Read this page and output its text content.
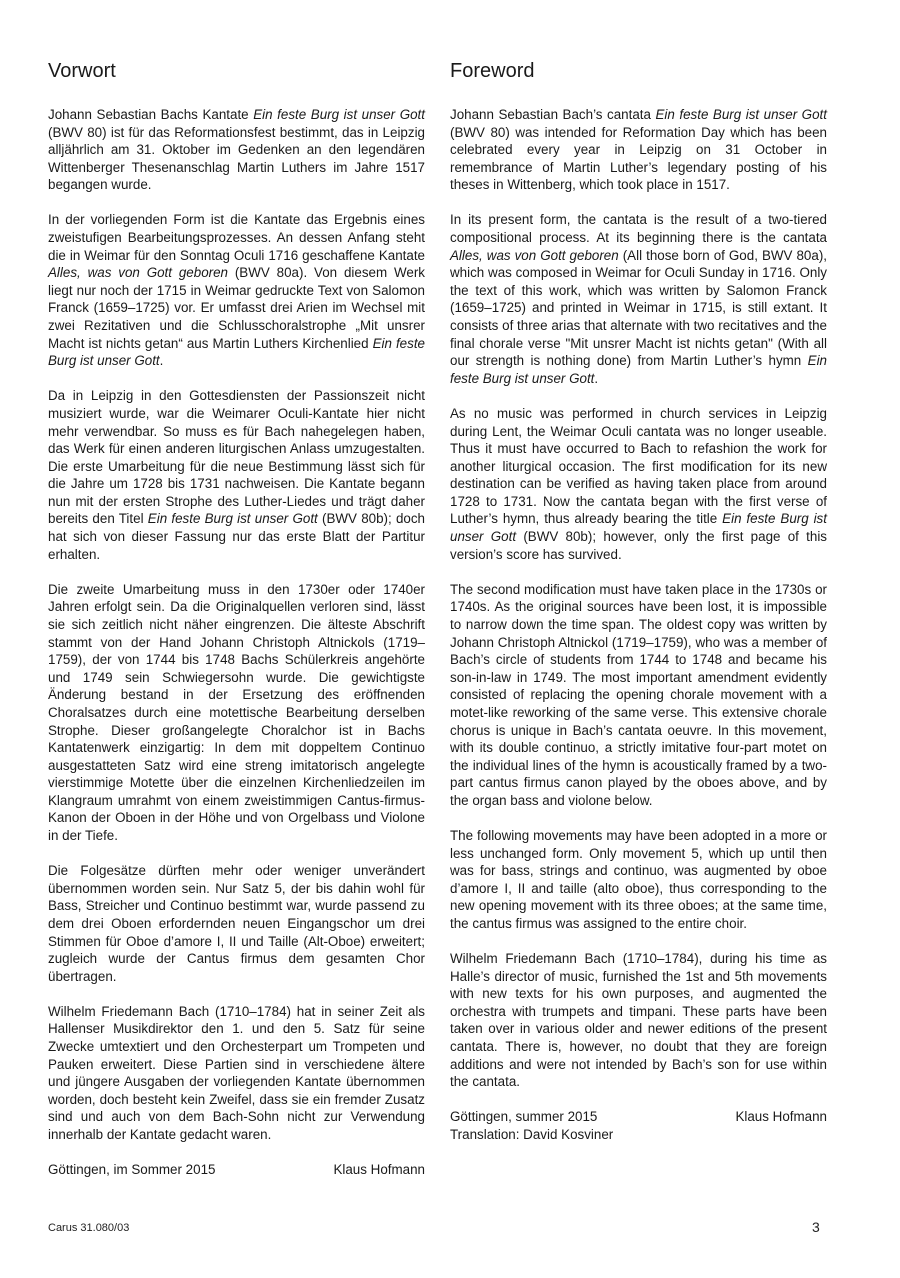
Vorwort

Johann Sebastian Bachs Kantate Ein feste Burg ist unser Gott (BWV 80) ist für das Reformationsfest bestimmt, das in Leipzig alljährlich am 31. Oktober im Gedenken an den legendären Wittenberger Thesenanschlag Martin Luthers im Jahre 1517 begangen wurde.

In der vorliegenden Form ist die Kantate das Ergebnis eines zweistufigen Bearbeitungsprozesses. An dessen Anfang steht die in Weimar für den Sonntag Oculi 1716 geschaffene Kantate Alles, was von Gott geboren (BWV 80a). Von diesem Werk liegt nur noch der 1715 in Weimar gedruckte Text von Salomon Franck (1659–1725) vor. Er umfasst drei Arien im Wechsel mit zwei Rezitativen und die Schlusschoralstrophe „Mit unsrer Macht ist nichts getan“ aus Martin Luthers Kirchenlied Ein feste Burg ist unser Gott.

Da in Leipzig in den Gottesdiensten der Passionszeit nicht musiziert wurde, war die Weimarer Oculi-Kantate hier nicht mehr verwendbar. So muss es für Bach nahegelegen haben, das Werk für einen anderen liturgischen Anlass umzugestalten. Die erste Umarbeitung für die neue Bestimmung lässt sich für die Jahre um 1728 bis 1731 nachweisen. Die Kantate begann nun mit der ersten Strophe des Luther-Liedes und trägt daher bereits den Titel Ein feste Burg ist unser Gott (BWV 80b); doch hat sich von dieser Fassung nur das erste Blatt der Partitur erhalten.

Die zweite Umarbeitung muss in den 1730er oder 1740er Jahren erfolgt sein. Da die Originalquellen verloren sind, lässt sie sich zeitlich nicht näher eingrenzen. Die älteste Abschrift stammt von der Hand Johann Christoph Altnickols (1719–1759), der von 1744 bis 1748 Bachs Schülerkreis angehörte und 1749 sein Schwiegersohn wurde. Die gewichtigste Änderung bestand in der Ersetzung des eröffnenden Choralsatzes durch eine motettische Bearbeitung derselben Strophe. Dieser großangelegte Choralchor ist in Bachs Kantatenwerk einzigartig: In dem mit doppeltem Continuo ausgestatteten Satz wird eine streng imitatorisch angelegte vierstimmige Motette über die einzelnen Kirchenliedzeilen im Klangraum umrahmt von einem zweistimmigen Cantus-firmus-Kanon der Oboen in der Höhe und von Orgelbass und Violone in der Tiefe.

Die Folgesätze dürften mehr oder weniger unverändert übernommen worden sein. Nur Satz 5, der bis dahin wohl für Bass, Streicher und Continuo bestimmt war, wurde passend zu dem drei Oboen erfordernden neuen Eingangschor um drei Stimmen für Oboe d’amore I, II und Taille (Alt-Oboe) erweitert; zugleich wurde der Cantus firmus dem gesamten Chor übertragen.

Wilhelm Friedemann Bach (1710–1784) hat in seiner Zeit als Hallenser Musikdirektor den 1. und den 5. Satz für seine Zwecke umtextiert und den Orchesterpart um Trompeten und Pauken erweitert. Diese Partien sind in verschiedene ältere und jüngere Ausgaben der vorliegenden Kantate übernommen worden, doch besteht kein Zweifel, dass sie ein fremder Zusatz sind und auch von dem Bach-Sohn nicht zur Verwendung innerhalb der Kantate gedacht waren.

Göttingen, im Sommer 2015	Klaus Hofmann
Foreword

Johann Sebastian Bach’s cantata Ein feste Burg ist unser Gott (BWV 80) was intended for Reformation Day which has been celebrated every year in Leipzig on 31 October in remembrance of Martin Luther’s legendary posting of his theses in Wittenberg, which took place in 1517.

In its present form, the cantata is the result of a two-tiered compositional process. At its beginning there is the cantata Alles, was von Gott geboren (All those born of God, BWV 80a), which was composed in Weimar for Oculi Sunday in 1716. Only the text of this work, which was written by Salomon Franck (1659–1725) and printed in Weimar in 1715, is still extant. It consists of three arias that alternate with two recitatives and the final chorale verse "Mit unsrer Macht ist nichts getan" (With all our strength is nothing done) from Martin Luther’s hymn Ein feste Burg ist unser Gott.

As no music was performed in church services in Leipzig during Lent, the Weimar Oculi cantata was no longer useable. Thus it must have occurred to Bach to refashion the work for another liturgical occasion. The first modification for its new destination can be verified as having taken place from around 1728 to 1731. Now the cantata began with the first verse of Luther’s hymn, thus already bearing the title Ein feste Burg ist unser Gott (BWV 80b); however, only the first page of this version’s score has survived.

The second modification must have taken place in the 1730s or 1740s. As the original sources have been lost, it is impossible to narrow down the time span. The oldest copy was written by Johann Christoph Altnickol (1719–1759), who was a member of Bach’s circle of students from 1744 to 1748 and became his son-in-law in 1749. The most important amendment evidently consisted of replacing the opening chorale movement with a motet-like reworking of the same verse. This extensive chorale chorus is unique in Bach’s cantata oeuvre. In this movement, with its double continuo, a strictly imitative four-part motet on the individual lines of the hymn is acoustically framed by a two-part cantus firmus canon played by the oboes above, and by the organ bass and violone below.

The following movements may have been adopted in a more or less unchanged form. Only movement 5, which up until then was for bass, strings and continuo, was augmented by oboe d’amore I, II and taille (alto oboe), thus corresponding to the new opening movement with its three oboes; at the same time, the cantus firmus was assigned to the entire choir.

Wilhelm Friedemann Bach (1710–1784), during his time as Halle’s director of music, furnished the 1st and 5th movements with new texts for his own purposes, and augmented the orchestra with trumpets and timpani. These parts have been taken over in various older and newer editions of the present cantata. There is, however, no doubt that they are foreign additions and were not intended by Bach’s son for use within the cantata.

Göttingen, summer 2015	Klaus Hofmann
Translation: David Kosviner
Carus 31.080/03	3
